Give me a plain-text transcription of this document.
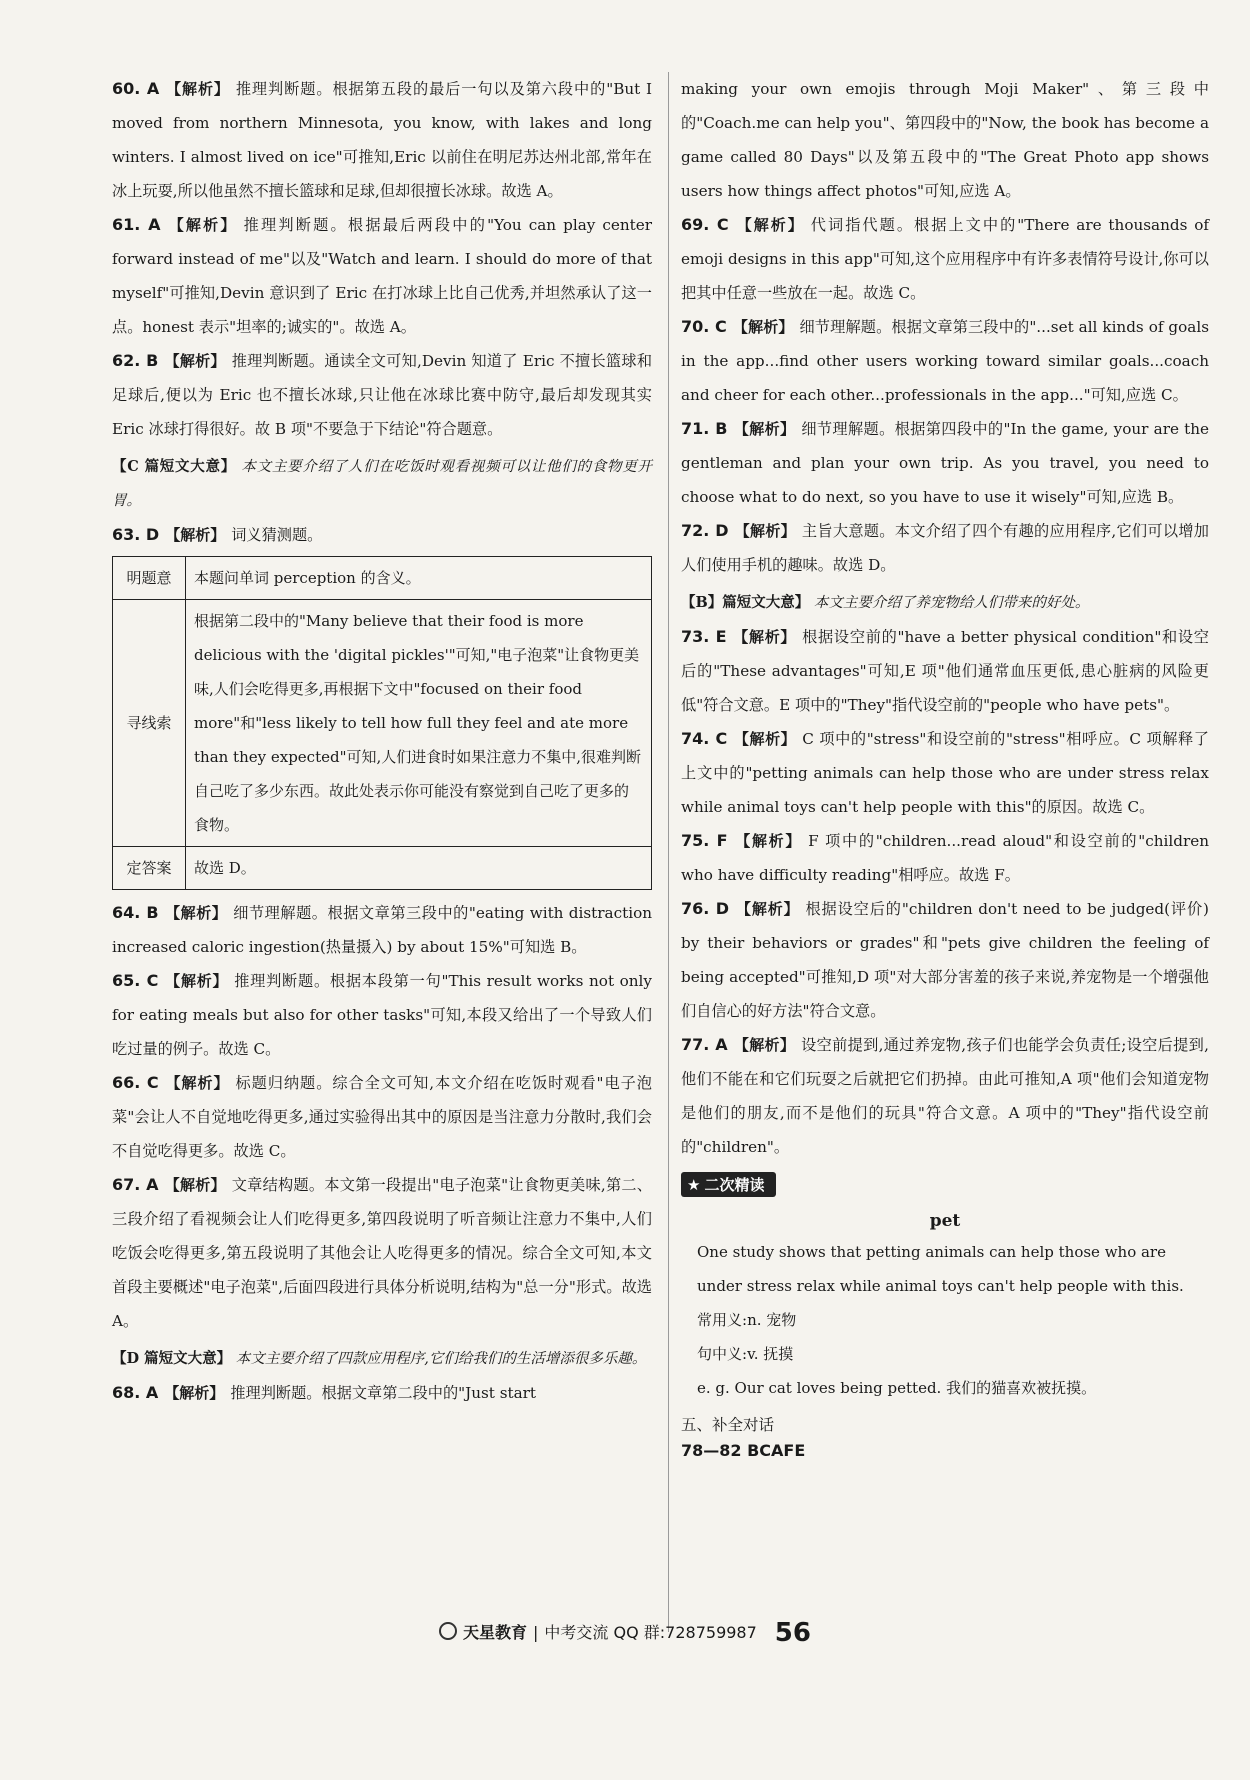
60. A 【解析】 推理判断题。根据第五段的最后一句以及第六段中的"But I moved from northern Minnesota, you know, with lakes and long winters. I almost lived on ice"可推知,Eric 以前住在明尼苏达州北部,常年在冰上玩耍,所以他虽然不擅长篮球和足球,但却很擅长冰球。故选 A。

61. A 【解析】 推理判断题。根据最后两段中的"You can play center forward instead of me"以及"Watch and learn. I should do more of that myself"可推知,Devin 意识到了 Eric 在打冰球上比自己优秀,并坦然承认了这一点。honest 表示"坦率的;诚实的"。故选 A。

62. B 【解析】 推理判断题。通读全文可知,Devin 知道了 Eric 不擅长篮球和足球后,便以为 Eric 也不擅长冰球,只让他在冰球比赛中防守,最后却发现其实 Eric 冰球打得很好。故 B 项"不要急于下结论"符合题意。

【C 篇短文大意】 本文主要介绍了人们在吃饭时观看视频可以让他们的食物更开胃。

63. D 【解析】 词义猜测题。

明题意	本题问单词 perception 的含义。
寻线索	根据第二段中的"Many believe that their food is more delicious with the 'digital pickles'"可知,"电子泡菜"让食物更美味,人们会吃得更多,再根据下文中"focused on their food more"和"less likely to tell how full they feel and ate more than they expected"可知,人们进食时如果注意力不集中,很难判断自己吃了多少东西。故此处表示你可能没有察觉到自己吃了更多的食物。
定答案	故选 D。

64. B 【解析】 细节理解题。根据文章第三段中的"eating with distraction increased caloric ingestion(热量摄入) by about 15%"可知选 B。

65. C 【解析】 推理判断题。根据本段第一句"This result works not only for eating meals but also for other tasks"可知,本段又给出了一个导致人们吃过量的例子。故选 C。

66. C 【解析】 标题归纳题。综合全文可知,本文介绍在吃饭时观看"电子泡菜"会让人不自觉地吃得更多,通过实验得出其中的原因是当注意力分散时,我们会不自觉吃得更多。故选 C。

67. A 【解析】 文章结构题。本文第一段提出"电子泡菜"让食物更美味,第二、三段介绍了看视频会让人们吃得更多,第四段说明了听音频让注意力不集中,人们吃饭会吃得更多,第五段说明了其他会让人吃得更多的情况。综合全文可知,本文首段主要概述"电子泡菜",后面四段进行具体分析说明,结构为"总一分"形式。故选 A。

【D 篇短文大意】 本文主要介绍了四款应用程序,它们给我们的生活增添很多乐趣。

68. A 【解析】 推理判断题。根据文章第二段中的"Just start

making your own emojis through Moji Maker"、第三段中的"Coach.me can help you"、第四段中的"Now, the book has become a game called 80 Days"以及第五段中的"The Great Photo app shows users how things affect photos"可知,应选 A。

69. C 【解析】 代词指代题。根据上文中的"There are thousands of emoji designs in this app"可知,这个应用程序中有许多表情符号设计,你可以把其中任意一些放在一起。故选 C。

70. C 【解析】 细节理解题。根据文章第三段中的"...set all kinds of goals in the app...find other users working toward similar goals...coach and cheer for each other...professionals in the app..."可知,应选 C。

71. B 【解析】 细节理解题。根据第四段中的"In the game, your are the gentleman and plan your own trip. As you travel, you need to choose what to do next, so you have to use it wisely"可知,应选 B。

72. D 【解析】 主旨大意题。本文介绍了四个有趣的应用程序,它们可以增加人们使用手机的趣味。故选 D。

【B】篇短文大意】 本文主要介绍了养宠物给人们带来的好处。

73. E 【解析】 根据设空前的"have a better physical condition"和设空后的"These advantages"可知,E 项"他们通常血压更低,患心脏病的风险更低"符合文意。E 项中的"They"指代设空前的"people who have pets"。

74. C 【解析】 C 项中的"stress"和设空前的"stress"相呼应。C 项解释了上文中的"petting animals can help those who are under stress relax while animal toys can't help people with this"的原因。故选 C。

75. F 【解析】 F 项中的"children...read aloud"和设空前的"children who have difficulty reading"相呼应。故选 F。

76. D 【解析】 根据设空后的"children don't need to be judged(评价) by their behaviors or grades"和"pets give children the feeling of being accepted"可推知,D 项"对大部分害羞的孩子来说,养宠物是一个增强他们自信心的好方法"符合文意。

77. A 【解析】 设空前提到,通过养宠物,孩子们也能学会负责任;设空后提到,他们不能在和它们玩耍之后就把它们扔掉。由此可推知,A 项"他们会知道宠物是他们的朋友,而不是他们的玩具"符合文意。A 项中的"They"指代设空前的"children"。

★ 二次精读
pet

One study shows that petting animals can help those who are under stress relax while animal toys can't help people with this.

常用义:n. 宠物

句中义:v. 抚摸

e. g. Our cat loves being petted. 我们的猫喜欢被抚摸。

五、补全对话

78—82 BCAFE

天星教育 | 中考交流 QQ 群:728759987 56
